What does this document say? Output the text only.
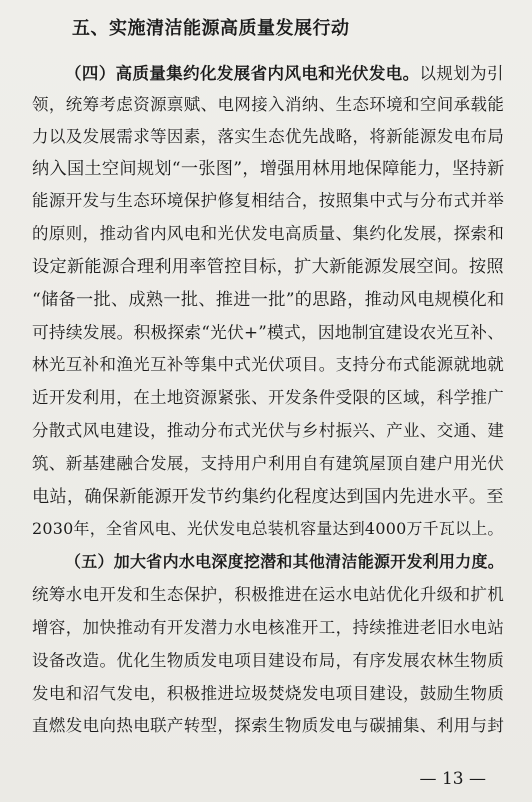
五、实施清洁能源高质量发展行动
（四）高质量集约化发展省内风电和光伏发电。以规划为引
领，统筹考虑资源禀赋、电网接入消纳、生态环境和空间承载能
力以及发展需求等因素，落实生态优先战略，将新能源发电布局
纳入国土空间规划“一张图”，增强用林用地保障能力，坚持新
能源开发与生态环境保护修复相结合，按照集中式与分布式并举
的原则，推动省内风电和光伏发电高质量、集约化发展，探索和
设定新能源合理利用率管控目标，扩大新能源发展空间。按照
“储备一批、成熟一批、推进一批”的思路，推动风电规模化和
可持续发展。积极探索“光伏+”模式，因地制宜建设农光互补、
林光互补和渔光互补等集中式光伏项目。支持分布式能源就地就
近开发利用，在土地资源紧张、开发条件受限的区域，科学推广
分散式风电建设，推动分布式光伏与乡村振兴、产业、交通、建
筑、新基建融合发展，支持用户利用自有建筑屋顶自建户用光伏
电站，确保新能源开发节约集约化程度达到国内先进水平。至
2030年，全省风电、光伏发电总装机容量达到4000万千瓦以上。
（五）加大省内水电深度挖潜和其他清洁能源开发利用力度。
统筹水电开发和生态保护，积极推进在运水电站优化升级和扩机
增容，加快推动有开发潜力水电核准开工，持续推进老旧水电站
设备改造。优化生物质发电项目建设布局，有序发展农林生物质
发电和沼气发电，积极推进垃圾焚烧发电项目建设，鼓励生物质
直燃发电向热电联产转型，探索生物质发电与碳捕集、利用与封
— 13 —
